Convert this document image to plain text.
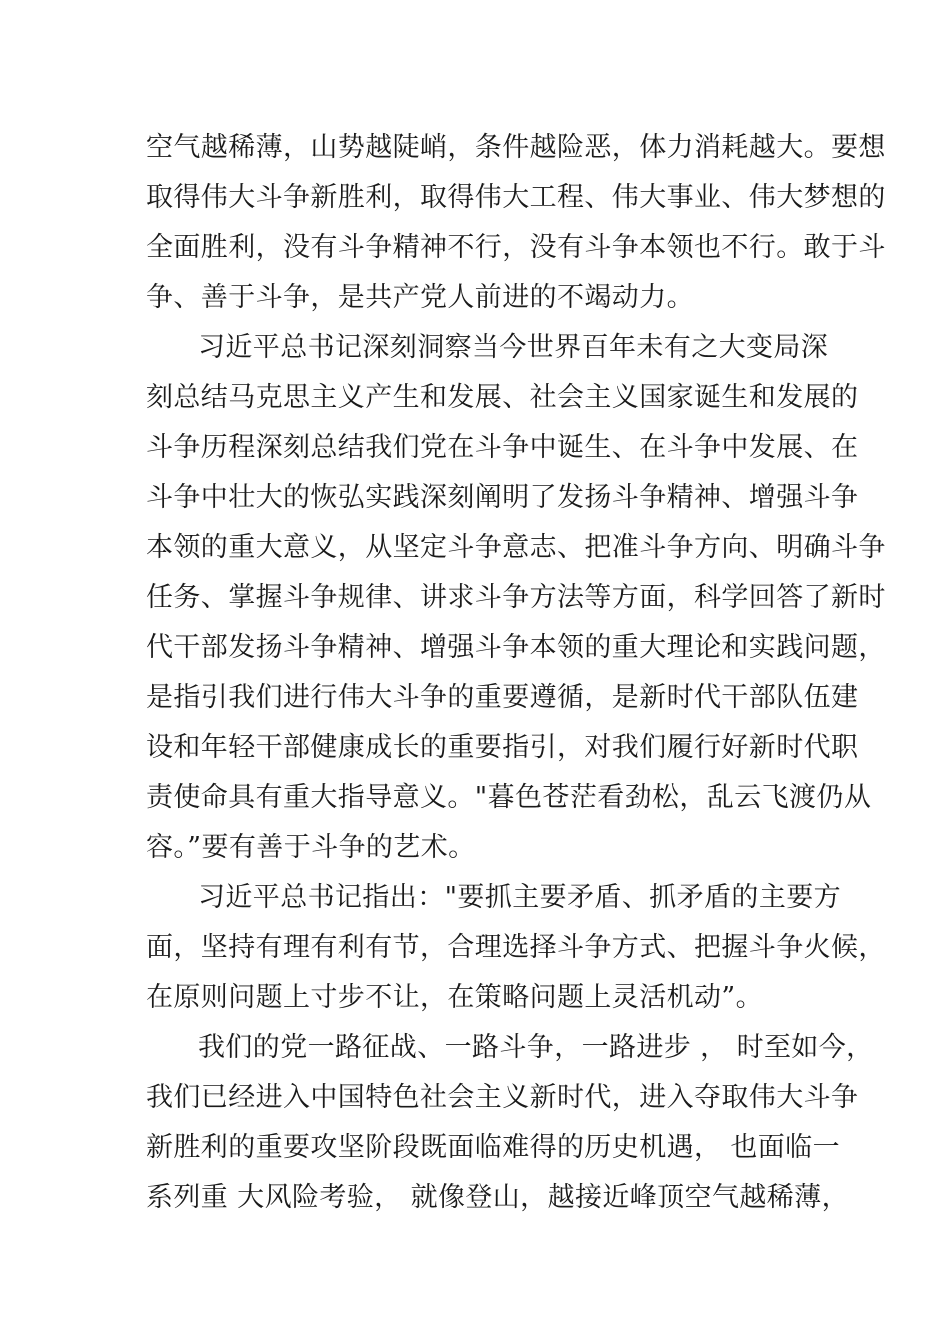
空气越稀薄，山势越陡峭，条件越险恶，体力消耗越大。要想
取得伟大斗争新胜利，取得伟大工程、伟大事业、伟大梦想的
全面胜利，没有斗争精神不行，没有斗争本领也不行。敢于斗
争、善于斗争，是共产党人前进的不竭动力。
习近平总书记深刻洞察当今世界百年未有之大变局深
刻总结马克思主义产生和发展、社会主义国家诞生和发展的
斗争历程深刻总结我们党在斗争中诞生、在斗争中发展、在
斗争中壮大的恢弘实践深刻阐明了发扬斗争精神、增强斗争
本领的重大意义，从坚定斗争意志、把准斗争方向、明确斗争
任务、掌握斗争规律、讲求斗争方法等方面，科学回答了新时
代干部发扬斗争精神、增强斗争本领的重大理论和实践问题，
是指引我们进行伟大斗争的重要遵循，是新时代干部队伍建
设和年轻干部健康成长的重要指引，对我们履行好新时代职
责使命具有重大指导意义。"暮色苍茫看劲松，乱云飞渡仍从
容。”要有善于斗争的艺术。
习近平总书记指出："要抓主要矛盾、抓矛盾的主要方
面，坚持有理有利有节，合理选择斗争方式、把握斗争火候，
在原则问题上寸步不让，在策略问题上灵活机动”。
我们的党一路征战、一路斗争，一路进步 ， 时至如今，
我们已经进入中国特色社会主义新时代，进入夺取伟大斗争
新胜利的重要攻坚阶段既面临难得的历史机遇， 也面临一
系列重 大风险考验， 就像登山，越接近峰顶空气越稀薄，
